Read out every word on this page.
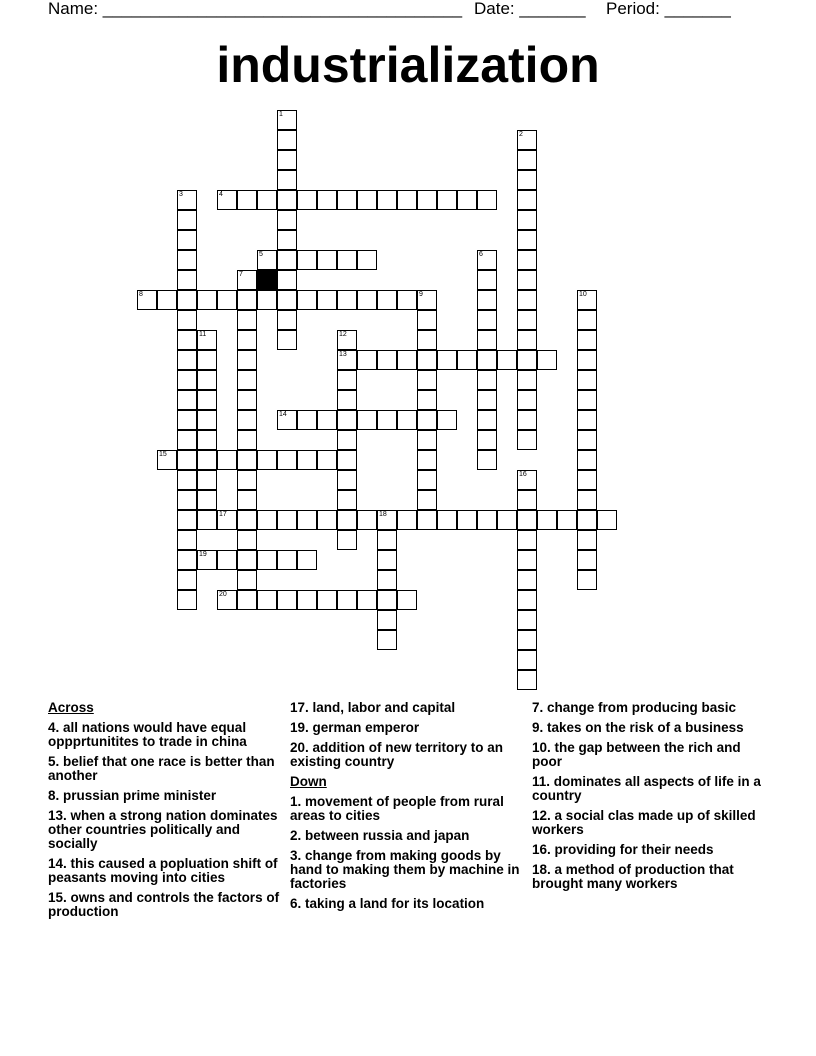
Name: ______________________________________ Date: _______ Period: _______
industrialization
4
5
8
13
14
15
17	18
19
20
1
2
3
6
7
9	10
11	12
16
Across
4. all nations would have equal oppprtunitites to trade in china
5. belief that one race is better than another
8. prussian prime minister
13. when a strong nation dominates other countries politically and socially
14. this caused a popluation shift of peasants moving into cities
15. owns and controls the factors of production
17. land, labor and capital
19. german emperor
20. addition of new territory to an existing country
Down
1. movement of people from rural areas to cities
2. between russia and japan
3. change from making goods by hand to making them by machine in factories
6. taking a land for its location
7. change from producing basic
9. takes on the risk of a business
10. the gap between the rich and poor
11. dominates all aspects of life in a country
12. a social clas made up of skilled workers
16. providing for their needs
18. a method of production that brought many workers
